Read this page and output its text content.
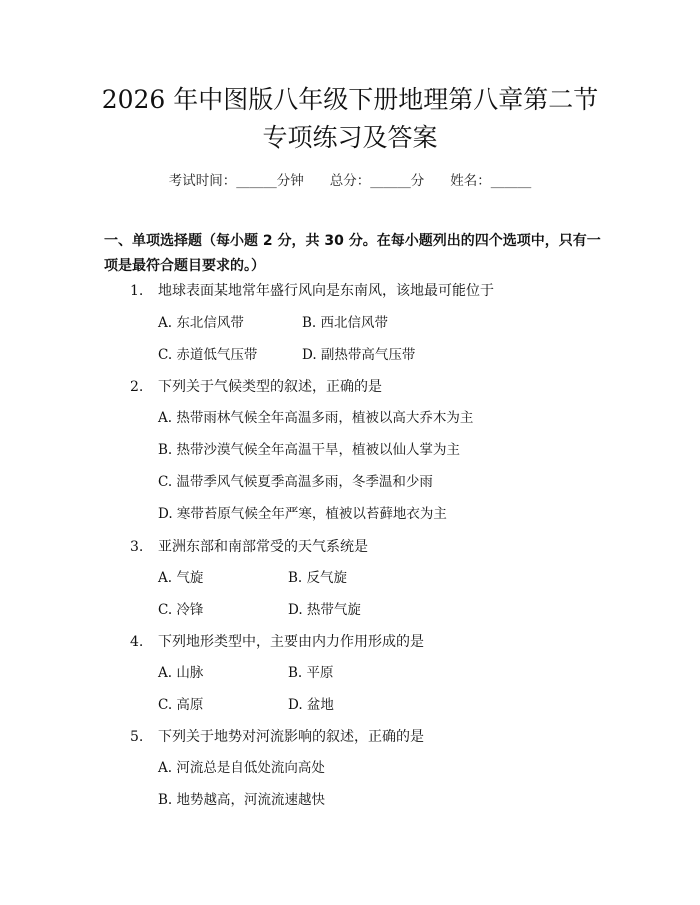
2026 年中图版八年级下册地理第八章第二节
专项练习及答案
考试时间：______分钟 总分：______分 姓名：______
一、单项选择题（每小题 2 分，共 30 分。在每小题列出的四个选项中，只有一项是最符合题目要求的。）
1. 地球表面某地常年盛行风向是东南风，该地最可能位于
A. 东北信风带	B. 西北信风带
C. 赤道低气压带	D. 副热带高气压带
2. 下列关于气候类型的叙述，正确的是
A. 热带雨林气候全年高温多雨，植被以高大乔木为主
B. 热带沙漠气候全年高温干旱，植被以仙人掌为主
C. 温带季风气候夏季高温多雨，冬季温和少雨
D. 寒带苔原气候全年严寒，植被以苔藓地衣为主
3. 亚洲东部和南部常受的天气系统是
A. 气旋	B. 反气旋
C. 冷锋	D. 热带气旋
4. 下列地形类型中，主要由内力作用形成的是
A. 山脉	B. 平原
C. 高原	D. 盆地
5. 下列关于地势对河流影响的叙述，正确的是
A. 河流总是自低处流向高处
B. 地势越高，河流流速越快
